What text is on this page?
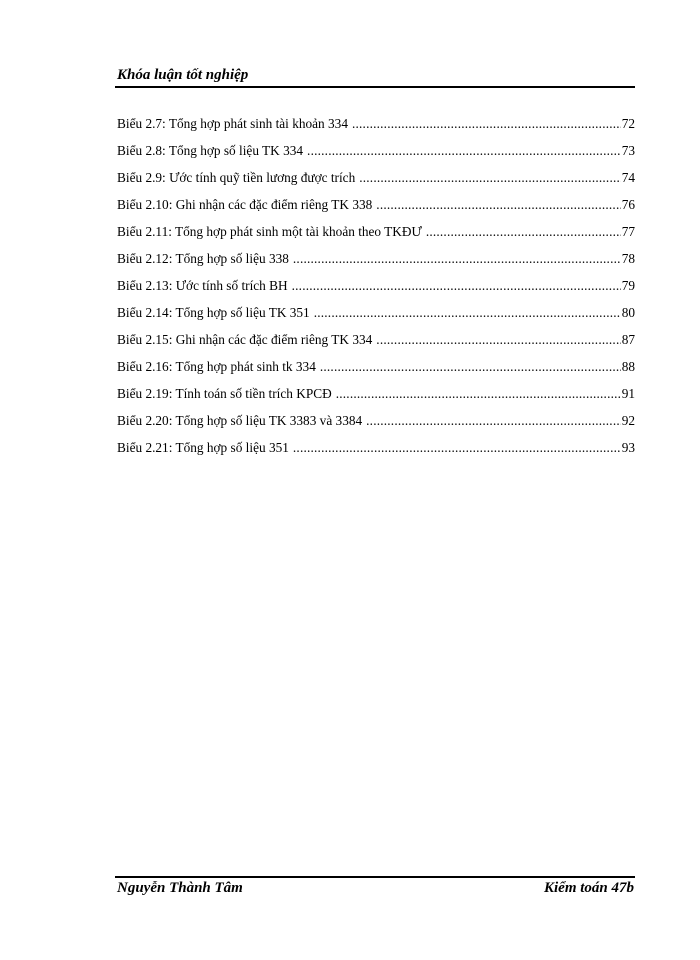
Khóa luận tốt nghiệp
Biểu 2.7: Tổng hợp phát sinh tài khoản 334 .....	72
Biểu 2.8: Tổng hợp số liệu TK 334 .....	73
Biểu 2.9: Ước tính quỹ tiền lương được trích .....	74
Biểu 2.10: Ghi nhận các đặc điểm riêng TK 338 .....	76
Biểu 2.11: Tổng hợp phát sinh một tài khoản theo TKĐƯ .....	77
Biểu 2.12: Tổng hợp số liệu 338 .....	78
Biểu 2.13: Ước tính số trích BH .....	79
Biểu 2.14: Tổng hợp số liệu TK 351 .....	80
Biểu 2.15: Ghi nhận các đặc điểm riêng TK 334 .....	87
Biểu 2.16: Tổng hợp phát sinh tk 334 .....	88
Biểu 2.19: Tính toán số tiền trích KPCĐ .....	91
Biểu 2.20: Tổng hợp số liệu TK 3383 và 3384 .....	92
Biểu 2.21: Tổng hợp số liệu 351 .....	93
Nguyễn Thành Tâm	Kiểm toán 47b
